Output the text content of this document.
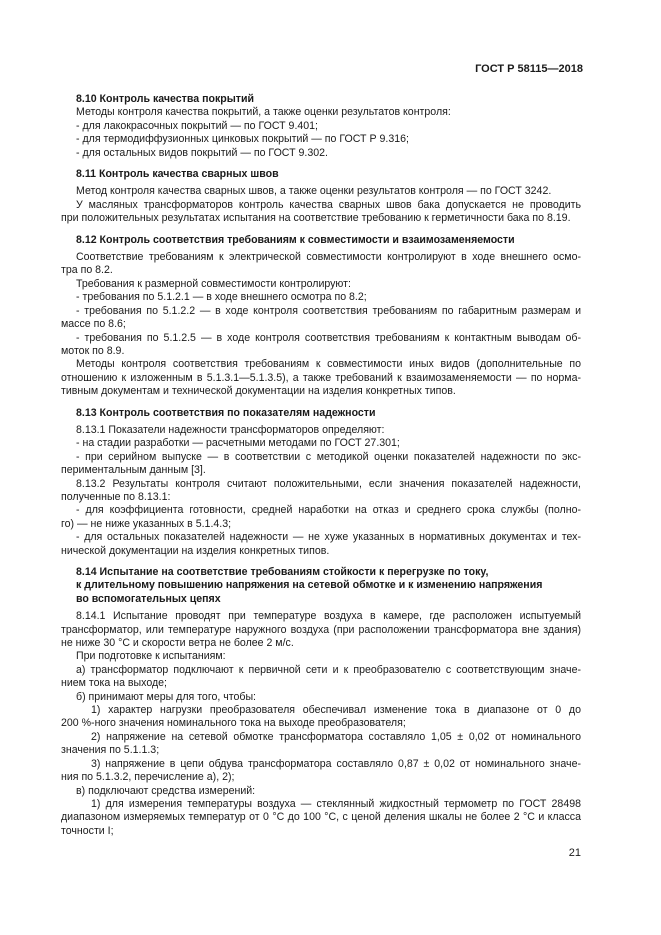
ГОСТ Р 58115—2018

8.10 Контроль качества покрытий

Методы контроля качества покрытий, а также оценки результатов контроля:

- для лакокрасочных покрытий — по ГОСТ 9.401;

- для термодиффузионных цинковых покрытий — по ГОСТ Р 9.316;

- для остальных видов покрытий — по ГОСТ 9.302.

8.11 Контроль качества сварных швов

Метод контроля качества сварных швов, а также оценки результатов контроля — по ГОСТ 3242.

У масляных трансформаторов контроль качества сварных швов бака допускается не проводить

при положительных результатах испытания на соответствие требованию к герметичности бака по 8.19.

8.12 Контроль соответствия требованиям к совместимости и взаимозаменяемости

Соответствие требованиям к электрической совместимости контролируют в ходе внешнего осмо-

тра по 8.2.

Требования к размерной совместимости контролируют:

- требования по 5.1.2.1 — в ходе внешнего осмотра по 8.2;

- требования по 5.1.2.2 — в ходе контроля соответствия требованиям по габаритным размерам и

массе по 8.6;

- требования по 5.1.2.5 — в ходе контроля соответствия требованиям к контактным выводам об-

моток по 8.9.

Методы контроля соответствия требованиям к совместимости иных видов (дополнительные по

отношению к изложенным в 5.1.3.1—5.1.3.5), а также требований к взаимозаменяемости — по норма-

тивным документам и технической документации на изделия конкретных типов.

8.13 Контроль соответствия по показателям надежности

8.13.1 Показатели надежности трансформаторов определяют:

- на стадии разработки — расчетными методами по ГОСТ 27.301;

- при серийном выпуске — в соответствии с методикой оценки показателей надежности по экс-

периментальным данным [3].

8.13.2 Результаты контроля считают положительными, если значения показателей надежности,

полученные по 8.13.1:

- для коэффициента готовности, средней наработки на отказ и среднего срока службы (полно-

го) — не ниже указанных в 5.1.4.3;

- для остальных показателей надежности — не хуже указанных в нормативных документах и тех-

нической документации на изделия конкретных типов.

8.14 Испытание на соответствие требованиям стойкости к перегрузке по току,

к длительному повышению напряжения на сетевой обмотке и к изменению напряжения

во вспомогательных цепях

8.14.1 Испытание проводят при температуре воздуха в камере, где расположен испытуемый

трансформатор, или температуре наружного воздуха (при расположении трансформатора вне здания)

не ниже 30 °С и скорости ветра не более 2 м/с.

При подготовке к испытаниям:

а) трансформатор подключают к первичной сети и к преобразователю с соответствующим значе-

нием тока на выходе;

б) принимают меры для того, чтобы:

1) характер нагрузки преобразователя обеспечивал изменение тока в диапазоне от 0 до

200 %-ного значения номинального тока на выходе преобразователя;

2) напряжение на сетевой обмотке трансформатора составляло 1,05 ± 0,02 от номинального

значения по 5.1.1.3;

3) напряжение в цепи обдува трансформатора составляло 0,87 ± 0,02 от номинального значе-

ния по 5.1.3.2, перечисление а), 2);

в) подключают средства измерений:

1) для измерения температуры воздуха — стеклянный жидкостный термометр по ГОСТ 28498

диапазоном измеряемых температур от 0 °С до 100 °С, с ценой деления шкалы не более 2 °С и класса

точности I;

21
